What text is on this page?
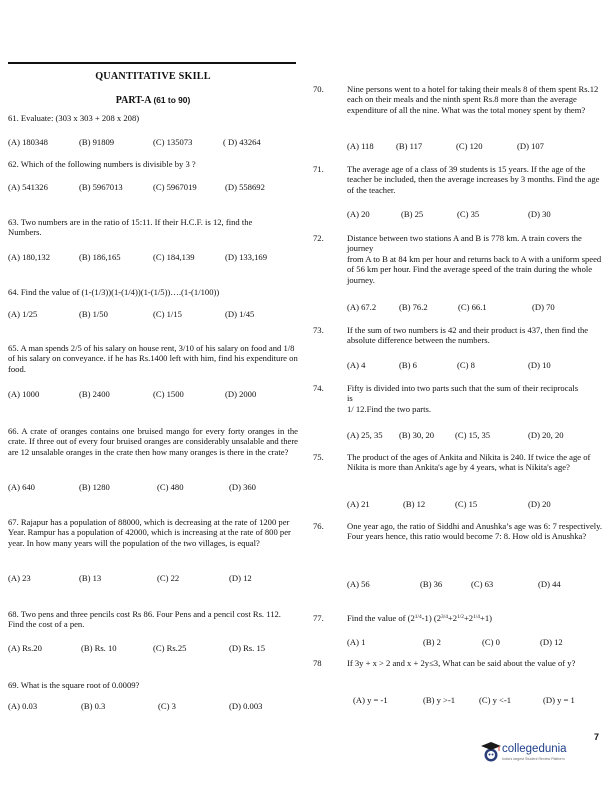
QUANTITATIVE SKILL
PART-A (61 to 90)
61. Evaluate: (303 x 303 + 208 x 208)
(A) 180348	(B) 91809	(C) 135073	( D) 43264
62. Which of the following numbers is divisible by 3 ?
(A) 541326	(B) 5967013	(C) 5967019	(D) 558692
63. Two numbers are in the ratio of 15:11. If their H.C.F. is 12, find the Numbers.
(A) 180,132	(B) 186,165	(C) 184,139	(D) 133,169
64. Find the value of (1-(1/3))(1-(1/4))(1-(1/5))….(1-(1/100))
(A) 1/25	(B) 1/50	(C) 1/15	(D) 1/45
65. A man spends 2/5 of his salary on house rent, 3/10 of his salary on food and 1/8 of his salary on conveyance. if he has Rs.1400 left with him, find his expenditure on food.
(A) 1000	(B) 2400	(C) 1500	(D) 2000
66. A crate of oranges contains one bruised mango for every forty oranges in the crate. If three out of every four bruised oranges are considerably unsalable and there are 12 unsalable oranges in the crate then how many oranges is there in the crate?
(A) 640	(B) 1280	(C) 480	(D) 360
67. Rajapur has a population of 88000, which is decreasing at the rate of 1200 per Year. Rampur has a population of 42000, which is increasing at the rate of 800 per year. In how many years will the population of the two villages, is equal?
(A) 23	(B) 13	(C) 22	(D) 12
68. Two pens and three pencils cost Rs 86. Four Pens and a pencil cost Rs. 112. Find the cost of a pen.
(A) Rs.20	(B) Rs. 10	(C) Rs.25	(D) Rs. 15
69. What is the square root of 0.0009?
(A) 0.03	(B) 0.3	(C) 3	(D) 0.003
70.	Nine persons went to a hotel for taking their meals 8 of them spent Rs.12 each on their meals and the ninth spent Rs.8 more than the average expenditure of all the nine. What was the total money spent by them?
(A) 118	(B) 117	(C) 120	(D) 107
71.	The average age of a class of 39 students is 15 years. If the age of the teacher be included, then the average increases by 3 months. Find the age of the teacher.
(A) 20	(B) 25	(C) 35	(D) 30
72.	Distance between two stations A and B is 778 km. A train covers the journey
from A to B at 84 km per hour and returns back to A with a uniform speed of 56 km per hour. Find the average speed of the train during the whole journey.
(A) 67.2	(B) 76.2	(C) 66.1	(D) 70
73.	If the sum of two numbers is 42 and their product is 437, then find the absolute difference between the numbers.
(A) 4	(B) 6	(C) 8	(D) 10
74.	Fifty is divided into two parts such that the sum of their reciprocals is
1/ 12.Find the two parts.
(A) 25, 35 (B) 30, 20 (C) 15, 35	(D) 20, 20
75.	The product of the ages of Ankita and Nikita is 240. If twice the age of Nikita is more than Ankita's age by 4 years, what is Nikita's age?
(A) 21	(B) 12	(C) 15	(D) 20
76.	One year ago, the ratio of Siddhi and Anushka’s age was 6: 7 respectively.
Four years hence, this ratio would become 7: 8. How old is Anushka?
(A) 56	(B) 36	(C) 63	(D) 44
77.	Find the value of $(2^{1/4}-1)$ $(2^{3/4}+2^{1/2}+2^{1/4}+1)$
(A) 1	(B) 2	(C) 0	(D) 12
78	If 3y + x > 2 and x + 2y≤3, What can be said about the value of y?
(A) y = -1	(B) y >-1	(C) y <-1	(D) y = 1
7
collegedunia
India's largest Student Review Platform
